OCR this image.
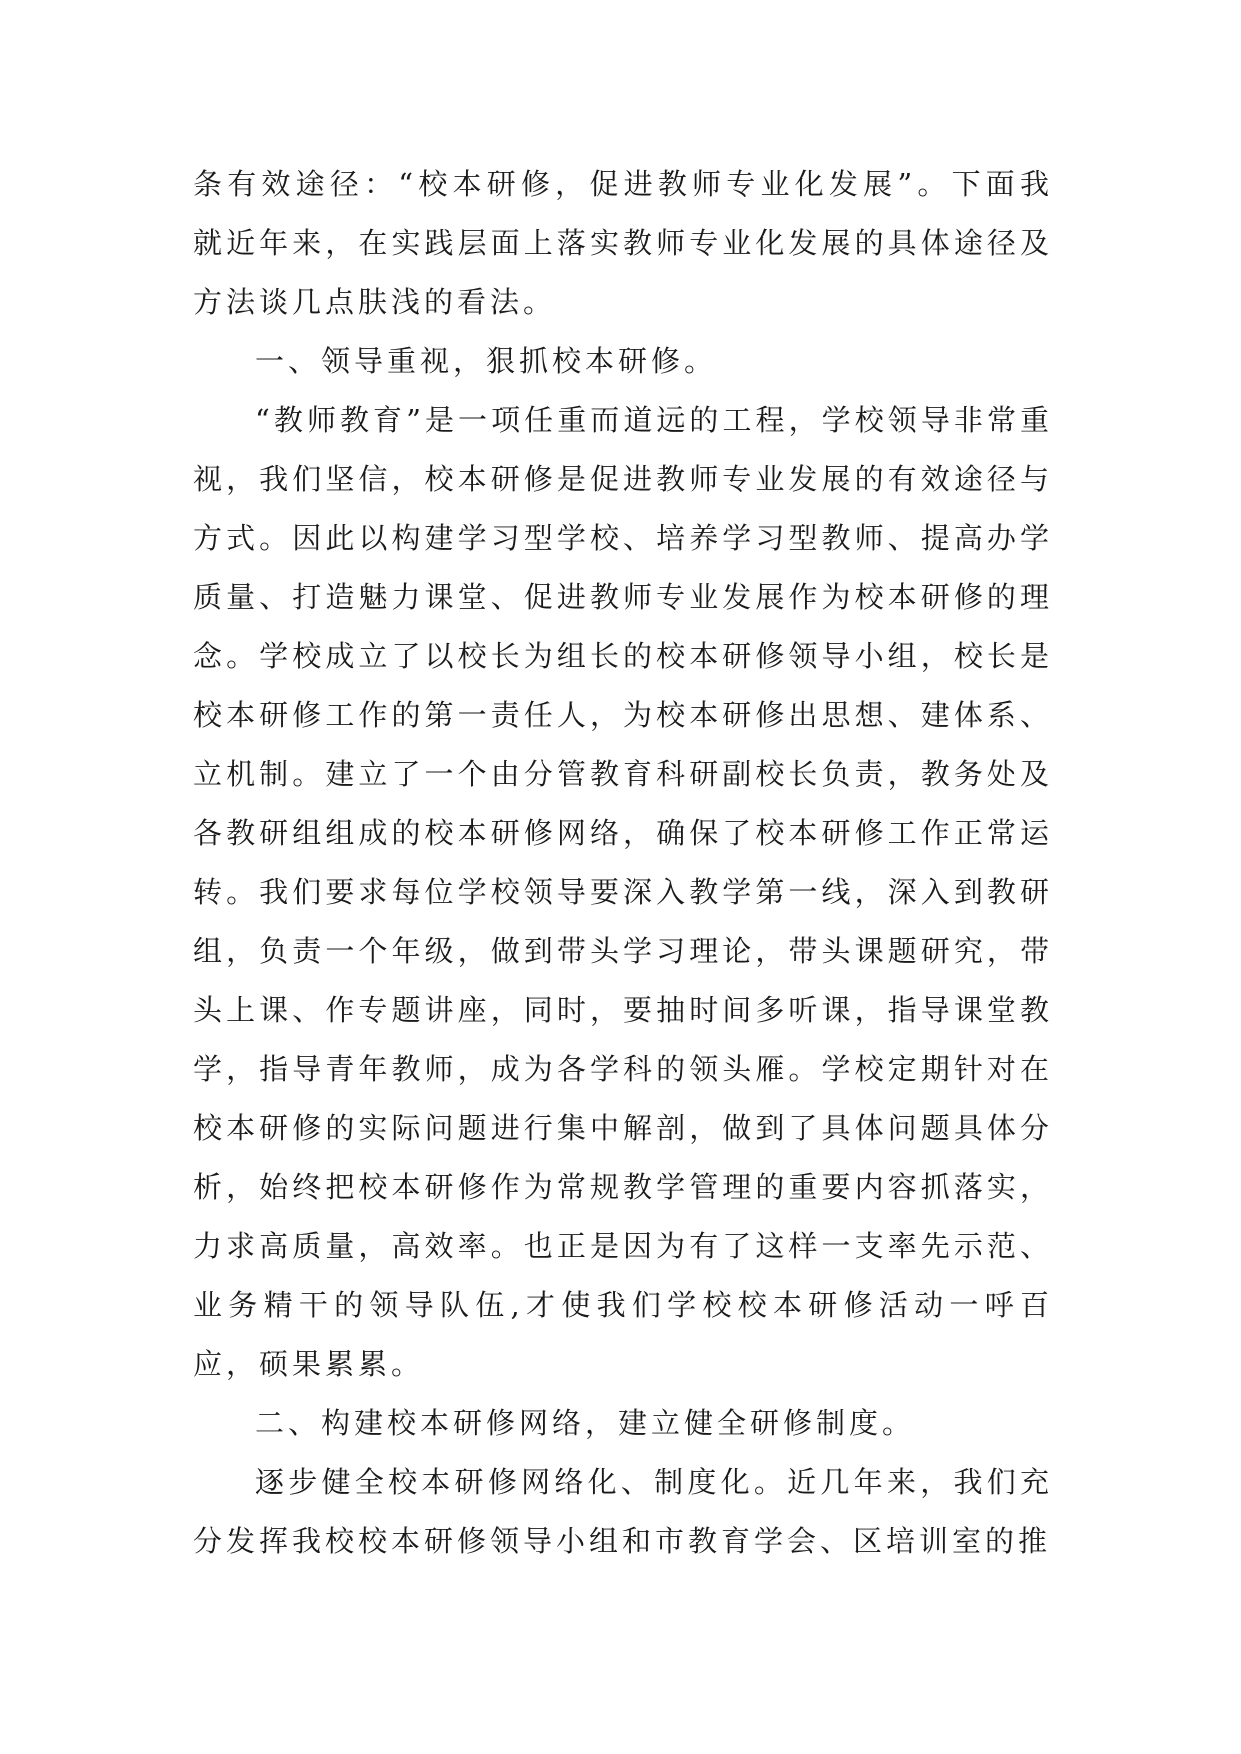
条有效途径：“校本研修，促进教师专业化发展”。下面我就近年来，在实践层面上落实教师专业化发展的具体途径及方法谈几点肤浅的看法。

一、领导重视，狠抓校本研修。

“教师教育”是一项任重而道远的工程，学校领导非常重视，我们坚信，校本研修是促进教师专业发展的有效途径与方式。因此以构建学习型学校、培养学习型教师、提高办学质量、打造魅力课堂、促进教师专业发展作为校本研修的理念。学校成立了以校长为组长的校本研修领导小组，校长是校本研修工作的第一责任人，为校本研修出思想、建体系、立机制。建立了一个由分管教育科研副校长负责，教务处及各教研组组成的校本研修网络，确保了校本研修工作正常运转。我们要求每位学校领导要深入教学第一线，深入到教研组，负责一个年级，做到带头学习理论，带头课题研究，带头上课、作专题讲座，同时，要抽时间多听课，指导课堂教学，指导青年教师，成为各学科的领头雁。学校定期针对在校本研修的实际问题进行集中解剖，做到了具体问题具体分析，始终把校本研修作为常规教学管理的重要内容抓落实，力求高质量，高效率。也正是因为有了这样一支率先示范、业务精干的领导队伍,才使我们学校校本研修活动一呼百应，硕果累累。

二、构建校本研修网络，建立健全研修制度。

逐步健全校本研修网络化、制度化。近几年来，我们充分发挥我校校本研修领导小组和市教育学会、区培训室的推
